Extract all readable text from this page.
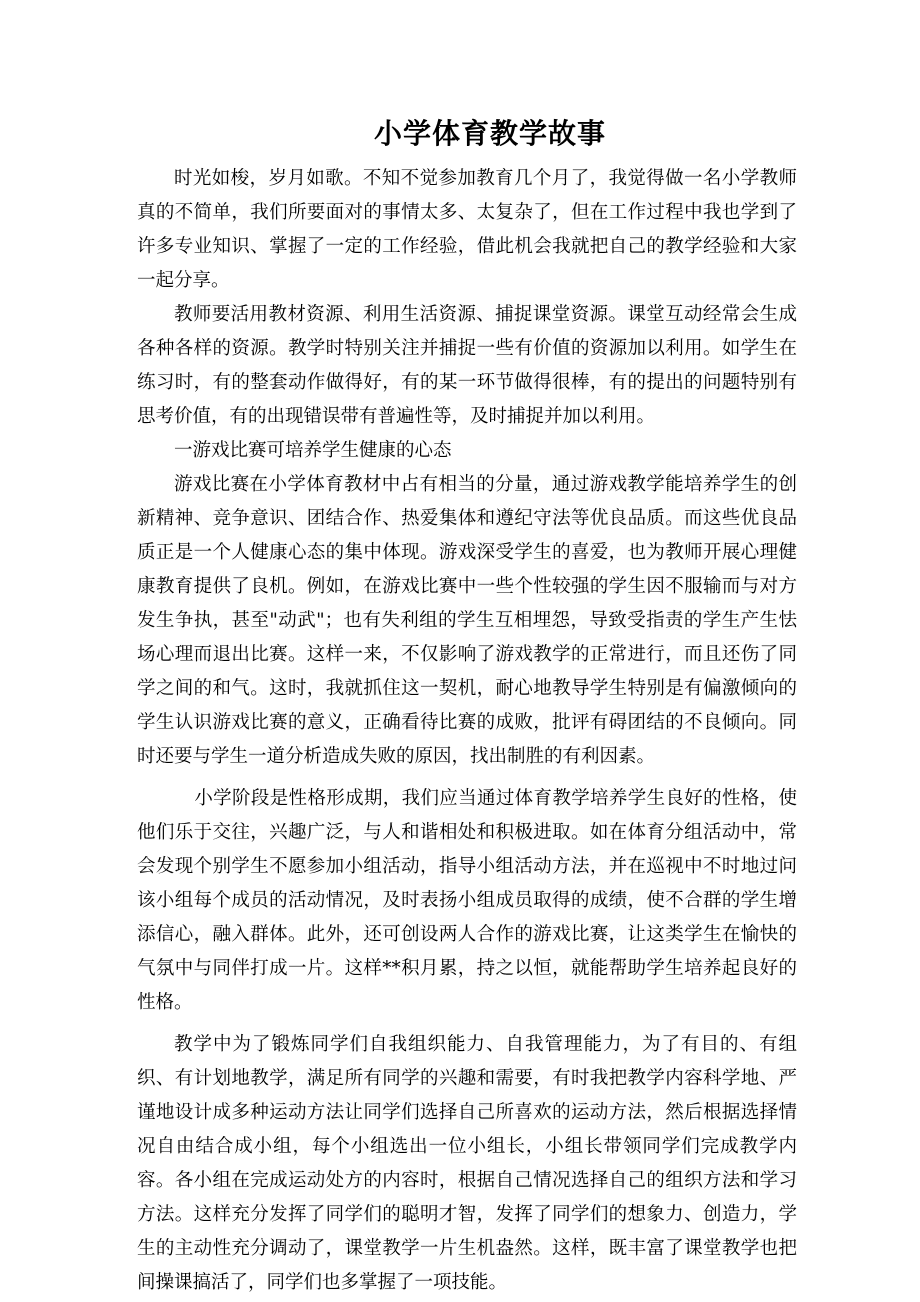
小学体育教学故事

时光如梭，岁月如歌。不知不觉参加教育几个月了，我觉得做一名小学教师真的不简单，我们所要面对的事情太多、太复杂了，但在工作过程中我也学到了许多专业知识、掌握了一定的工作经验，借此机会我就把自己的教学经验和大家一起分享。

教师要活用教材资源、利用生活资源、捕捉课堂资源。课堂互动经常会生成各种各样的资源。教学时特别关注并捕捉一些有价值的资源加以利用。如学生在练习时，有的整套动作做得好，有的某一环节做得很棒，有的提出的问题特别有思考价值，有的出现错误带有普遍性等，及时捕捉并加以利用。

一游戏比赛可培养学生健康的心态

游戏比赛在小学体育教材中占有相当的分量，通过游戏教学能培养学生的创新精神、竞争意识、团结合作、热爱集体和遵纪守法等优良品质。而这些优良品质正是一个人健康心态的集中体现。游戏深受学生的喜爱，也为教师开展心理健康教育提供了良机。例如，在游戏比赛中一些个性较强的学生因不服输而与对方发生争执，甚至"动武"；也有失利组的学生互相埋怨，导致受指责的学生产生怯场心理而退出比赛。这样一来，不仅影响了游戏教学的正常进行，而且还伤了同学之间的和气。这时，我就抓住这一契机，耐心地教导学生特别是有偏激倾向的学生认识游戏比赛的意义，正确看待比赛的成败，批评有碍团结的不良倾向。同时还要与学生一道分析造成失败的原因，找出制胜的有利因素。

小学阶段是性格形成期，我们应当通过体育教学培养学生良好的性格，使他们乐于交往，兴趣广泛，与人和谐相处和积极进取。如在体育分组活动中，常会发现个别学生不愿参加小组活动，指导小组活动方法，并在巡视中不时地过问该小组每个成员的活动情况，及时表扬小组成员取得的成绩，使不合群的学生增添信心，融入群体。此外，还可创设两人合作的游戏比赛，让这类学生在愉快的气氛中与同伴打成一片。这样**积月累，持之以恒，就能帮助学生培养起良好的性格。

教学中为了锻炼同学们自我组织能力、自我管理能力，为了有目的、有组织、有计划地教学，满足所有同学的兴趣和需要，有时我把教学内容科学地、严谨地设计成多种运动方法让同学们选择自己所喜欢的运动方法，然后根据选择情况自由结合成小组，每个小组选出一位小组长，小组长带领同学们完成教学内容。各小组在完成运动处方的内容时，根据自己情况选择自己的组织方法和学习方法。这样充分发挥了同学们的聪明才智，发挥了同学们的想象力、创造力，学生的主动性充分调动了，课堂教学一片生机盎然。这样，既丰富了课堂教学也把间操课搞活了，同学们也多掌握了一项技能。
